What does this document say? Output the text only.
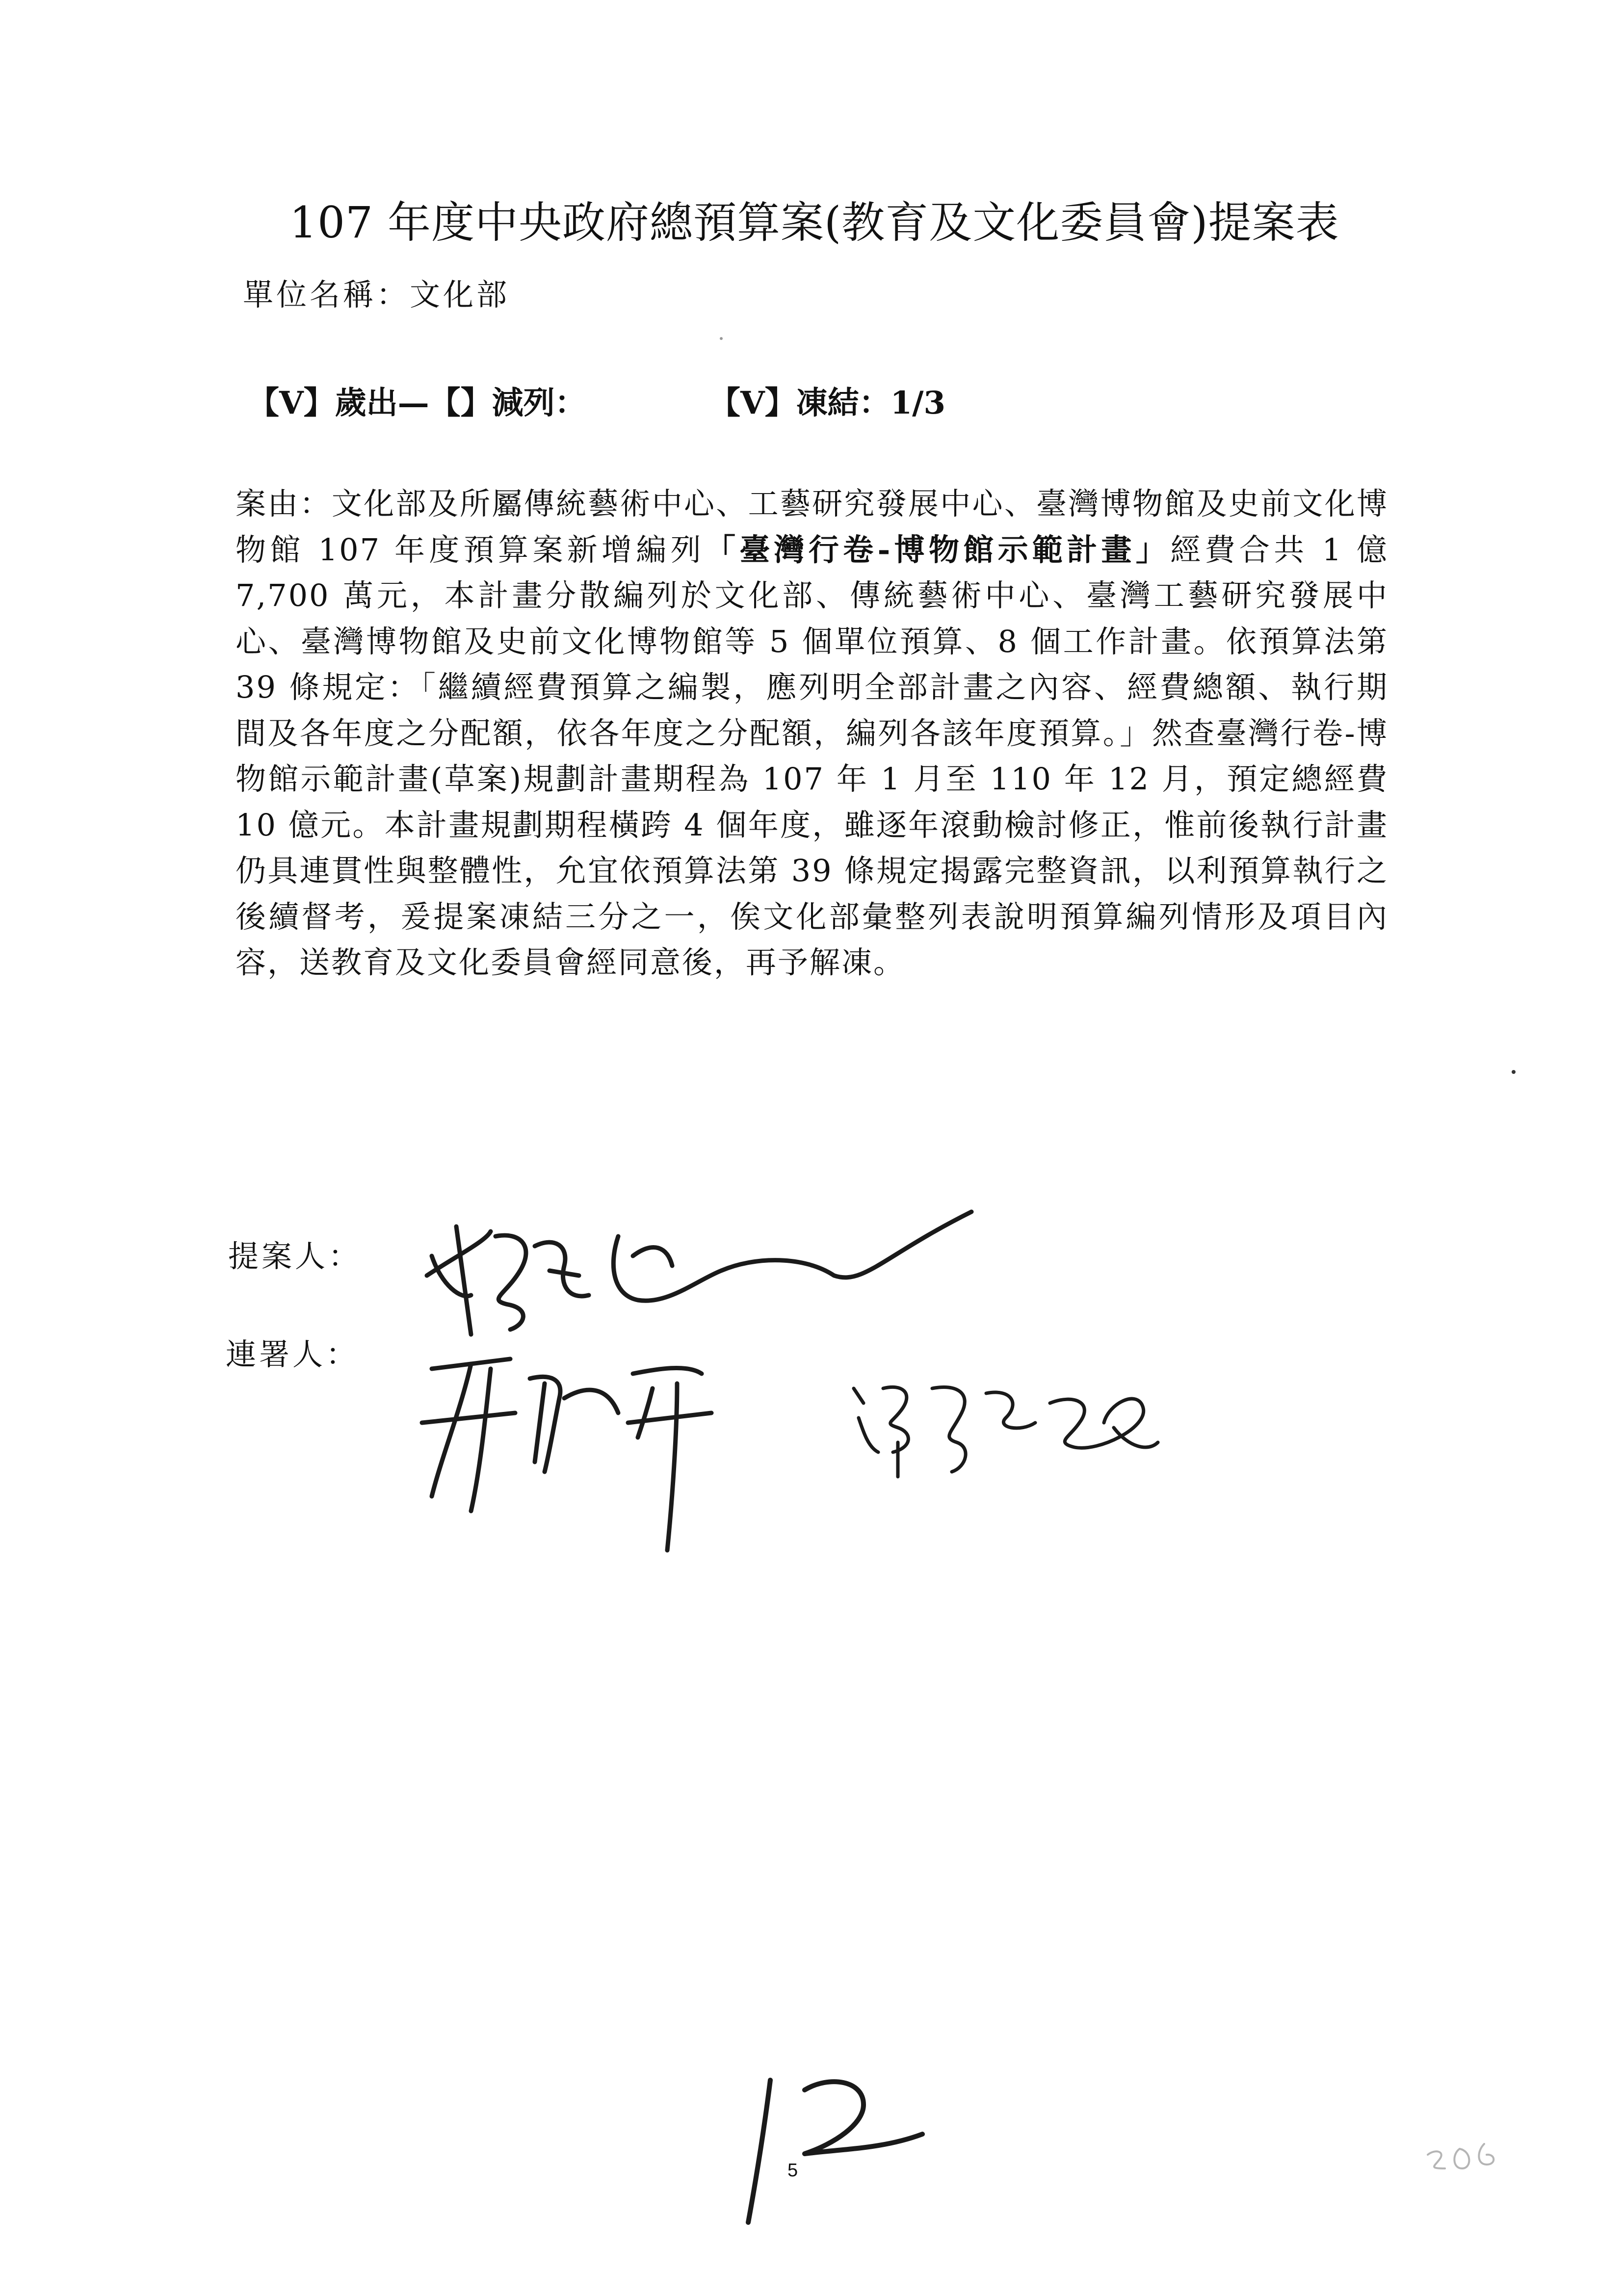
107 年度中央政府總預算案(教育及文化委員會)提案表
單位名稱：文化部
【V】歲出—【】減列：	【V】凍結：1/3
案由：文化部及所屬傳統藝術中心、工藝研究發展中心、臺灣博物館及史前文化博物館 107 年度預算案新增編列「臺灣行卷-博物館示範計畫」經費合共 1 億 7,700 萬元，本計畫分散編列於文化部、傳統藝術中心、臺灣工藝研究發展中心、臺灣博物館及史前文化博物館等 5 個單位預算、8 個工作計畫。依預算法第 39 條規定：「繼續經費預算之編製，應列明全部計畫之內容、經費總額、執行期間及各年度之分配額，依各年度之分配額，編列各該年度預算。」然查臺灣行卷-博物館示範計畫(草案)規劃計畫期程為 107 年 1 月至 110 年 12 月，預定總經費 10 億元。本計畫規劃期程橫跨 4 個年度，雖逐年滾動檢討修正，惟前後執行計畫仍具連貫性與整體性，允宜依預算法第 39 條規定揭露完整資訊，以利預算執行之後續督考，爰提案凍結三分之一，俟文化部彙整列表說明預算編列情形及項目內容，送教育及文化委員會經同意後，再予解凍。
提案人：
連署人：
5
